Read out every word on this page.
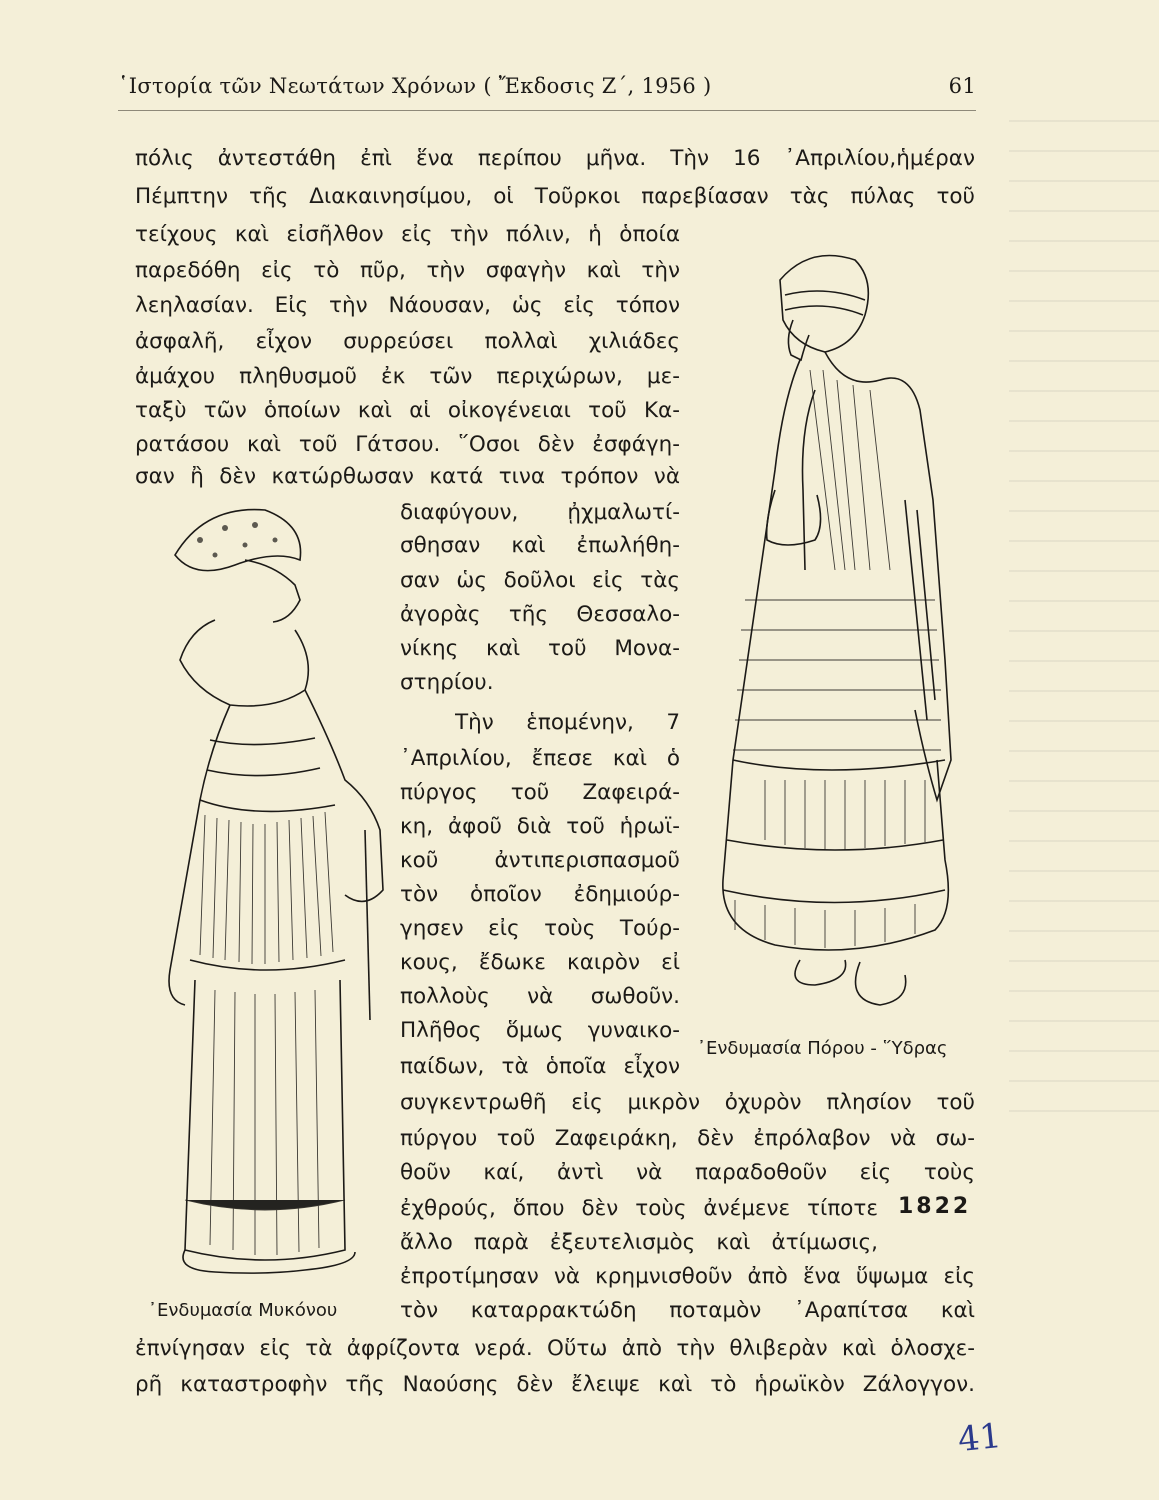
῾Ιστορία τῶν Νεωτάτων Χρόνων ( Ἔκδοσις Ζ΄, 1956 )	61
πόλις ἀντεστάθη ἐπὶ ἕνα περίπου μῆνα. Τὴν 16 ᾿Απριλίου,ἡμέραν
Πέμπτην τῆς Διακαινησίμου, οἱ Τοῦρκοι παρεβίασαν τὰς πύλας τοῦ
τείχους καὶ εἰσῆλθον εἰς τὴν πόλιν, ἡ ὁποία
παρεδόθη εἰς τὸ πῦρ, τὴν σφαγὴν καὶ τὴν
λεηλασίαν. Εἰς τὴν Νάουσαν, ὡς εἰς τόπον
ἀσφαλῆ, εἶχον συρρεύσει πολλαὶ χιλιάδες
ἀμάχου πληθυσμοῦ ἐκ τῶν περιχώρων, με-
ταξὺ τῶν ὁποίων καὶ αἱ οἰκογένειαι τοῦ Κα-
ρατάσου καὶ τοῦ Γάτσου. ῞Οσοι δὲν ἐσφάγη-
σαν ἢ δὲν κατώρθωσαν κατά τινα τρόπον νὰ
διαφύγουν, ᾐχμαλωτί-
σθησαν καὶ ἐπωλήθη-
σαν ὡς δοῦλοι εἰς τὰς
ἀγορὰς τῆς Θεσσαλο-
νίκης καὶ τοῦ Μονα-
στηρίου.
Τὴν ἑπομένην, 7
᾿Απριλίου, ἔπεσε καὶ ὁ
πύργος τοῦ Ζαφειρά-
κη, ἀφοῦ διὰ τοῦ ἡρωϊ-
κοῦ ἀντιπερισπασμοῦ
τὸν ὁποῖον ἐδημιούρ-
γησεν εἰς τοὺς Τούρ-
κους, ἔδωκε καιρὸν εἰ
πολλοὺς νὰ σωθοῦν.
Πλῆθος ὅμως γυναικο-
παίδων, τὰ ὁποῖα εἶχον
συγκεντρωθῆ εἰς μικρὸν ὀχυρὸν πλησίον τοῦ
πύργου τοῦ Ζαφειράκη, δὲν ἐπρόλαβον νὰ σω-
θοῦν καί, ἀντὶ νὰ παραδοθοῦν εἰς τοὺς
ἐχθρούς, ὅπου δὲν τοὺς ἀνέμενε τίποτε
ἄλλο παρὰ ἐξευτελισμὸς καὶ ἀτίμωσις,
ἐπροτίμησαν νὰ κρημνισθοῦν ἀπὸ ἕνα ὕψωμα εἰς
τὸν καταρρακτώδη ποταμὸν ᾿Αραπίτσα καὶ
ἐπνίγησαν εἰς τὰ ἀφρίζοντα νερά. Οὕτω ἀπὸ τὴν θλιβερὰν καὶ ὁλοσχε-
ρῆ καταστροφὴν τῆς Ναούσης δὲν ἔλειψε καὶ τὸ ἡρωϊκὸν Ζάλογγον.
1822
᾿Ενδυμασία Πόρου - ῞Υδρας
᾿Ενδυμασία Μυκόνου
41
